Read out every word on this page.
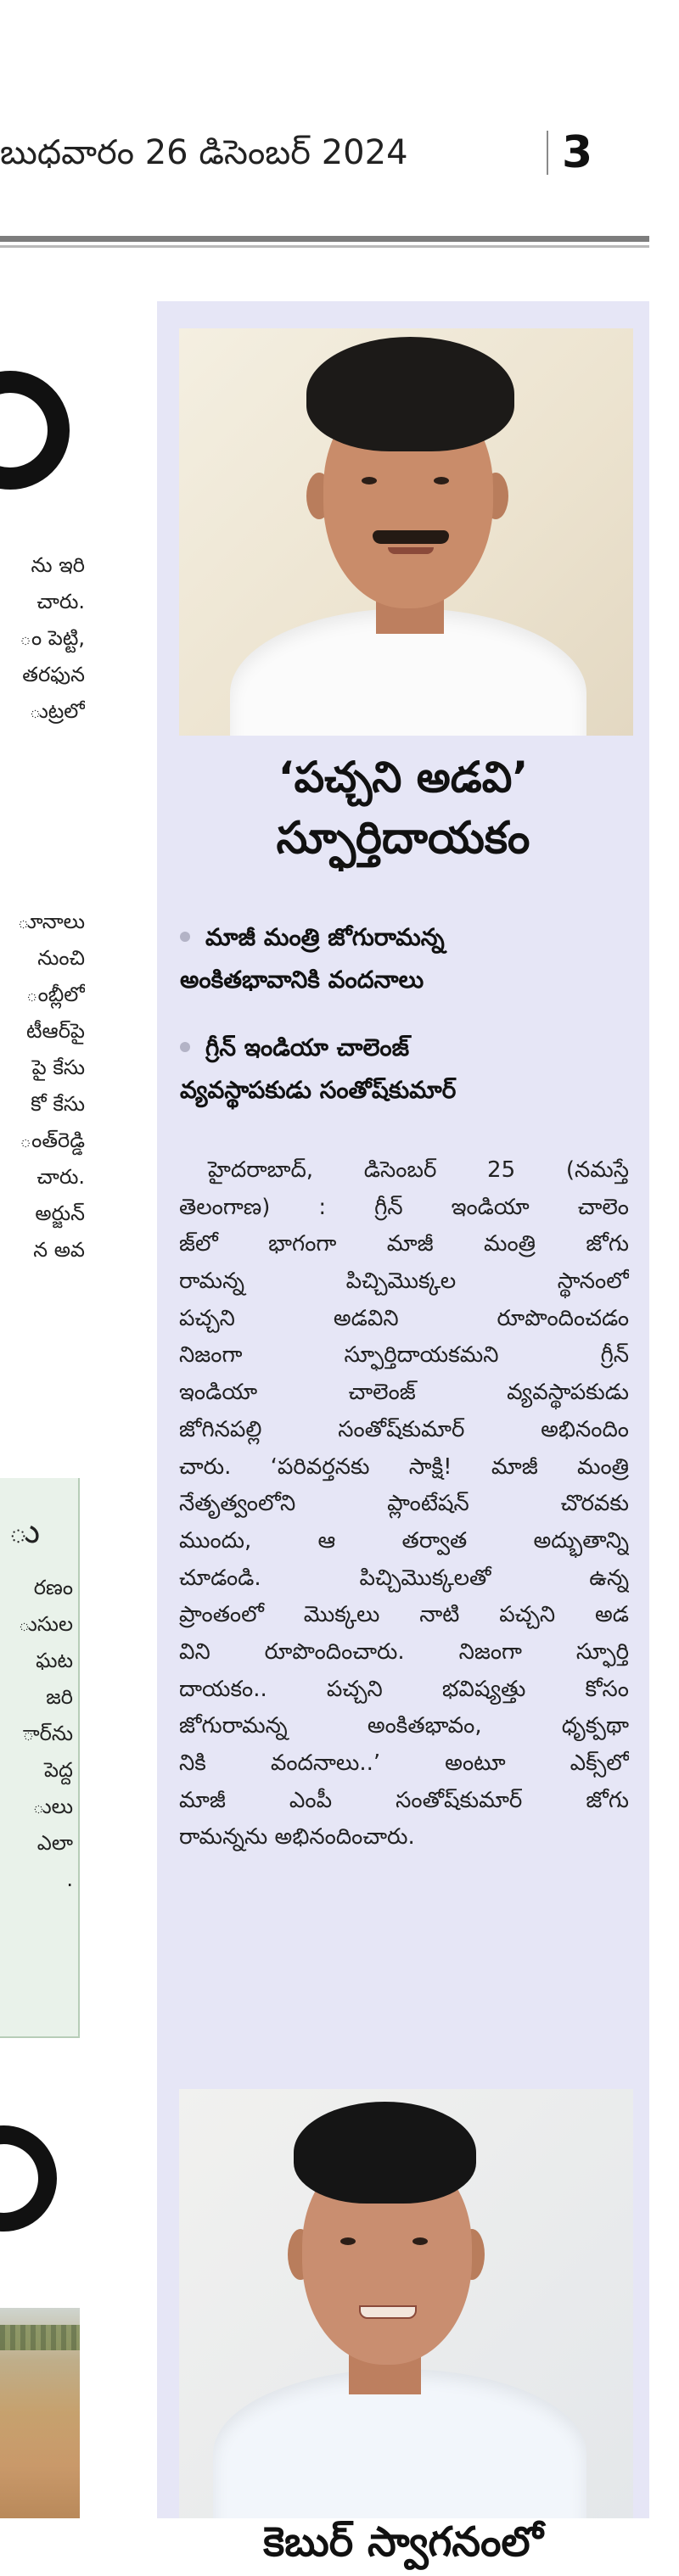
బుధవారం 26 డిసెంబర్ 2024	3
ను ఇరి
చారు.
ం పెట్టి,
తరఫున
ుట్రలో
ూనాలు
నుంచి
ంబ్లీలో
టీఆర్‌పై
పై కేసు
కో కేసు
ంత్‌రెడ్డి
చారు.
అర్జున్
న అవ
ు
రణం
ుసుల
ఘట
జరి
ార్‌ను
పెద్ద
ులు
ఎలా
.
‘పచ్చని అడవి’
స్ఫూర్తిదాయకం
మాజీ మంత్రి జోగురామన్న
అంకితభావానికి వందనాలు
గ్రీన్‌ ఇండియా చాలెంజ్‌
వ్యవస్థాపకుడు సంతోష్‌కుమార్‌
హైదరాబాద్‌, డిసెంబర్‌ 25 (నమస్తే
తెలంగాణ) : గ్రీన్‌ ఇండియా చాలెం
జ్‌లో భాగంగా మాజీ మంత్రి జోగు
రామన్న పిచ్చిమొక్కల స్థానంలో
పచ్చని అడవిని రూపొందించడం
నిజంగా స్ఫూర్తిదాయకమని గ్రీన్‌
ఇండియా చాలెంజ్‌ వ్యవస్థాపకుడు
జోగినపల్లి సంతోష్‌కుమార్‌ అభినందిం
చారు. ‘పరివర్తనకు సాక్షి! మాజీ మంత్రి
నేతృత్వంలోని ప్లాంటేషన్‌ చొరవకు
ముందు, ఆ తర్వాత అద్భుతాన్ని
చూడండి. పిచ్చిమొక్కలతో ఉన్న
ప్రాంతంలో మొక్కలు నాటి పచ్చని అడ
విని రూపొందించారు. నిజంగా స్ఫూర్తి
దాయకం.. పచ్చని భవిష్యత్తు కోసం
జోగురామన్న అంకితభావం, ధృక్పథా
నికి వందనాలు..’ అంటూ ఎక్స్‌లో
మాజీ ఎంపీ సంతోష్‌కుమార్‌ జోగు
రామన్నను అభినందించారు.
కెబుర్ స్వాగనంలో
